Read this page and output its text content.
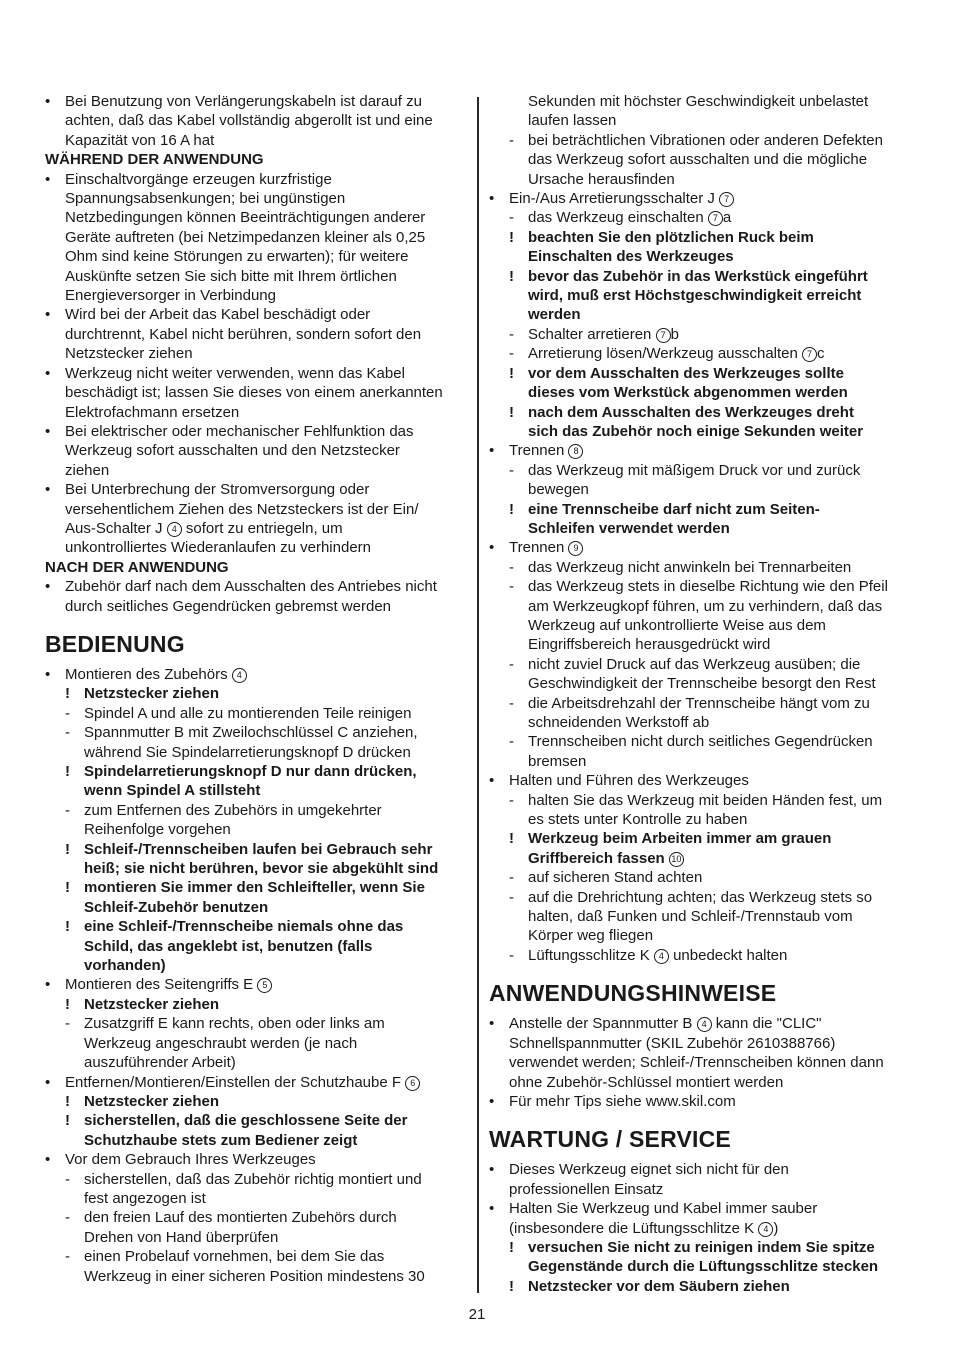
• Bei Benutzung von Verlängerungskabeln ist darauf zu
achten, daß das Kabel vollständig abgerollt ist und eine
Kapazität von 16 A hat
WÄHREND DER ANWENDUNG
• Einschaltvorgänge erzeugen kurzfristige
Spannungsabsenkungen; bei ungünstigen
Netzbedingungen können Beeinträchtigungen anderer
Geräte auftreten (bei Netzimpedanzen kleiner als 0,25
Ohm sind keine Störungen zu erwarten); für weitere
Auskünfte setzen Sie sich bitte mit Ihrem örtlichen
Energieversorger in Verbindung
• Wird bei der Arbeit das Kabel beschädigt oder
durchtrennt, Kabel nicht berühren, sondern sofort den
Netzstecker ziehen
• Werkzeug nicht weiter verwenden, wenn das Kabel
beschädigt ist; lassen Sie dieses von einem anerkannten
Elektrofachmann ersetzen
• Bei elektrischer oder mechanischer Fehlfunktion das
Werkzeug sofort ausschalten und den Netzstecker
ziehen
• Bei Unterbrechung der Stromversorgung oder
versehentlichem Ziehen des Netzsteckers ist der Ein/
Aus-Schalter J 4 sofort zu entriegeln, um
unkontrolliertes Wiederanlaufen zu verhindern
NACH DER ANWENDUNG
• Zubehör darf nach dem Ausschalten des Antriebes nicht
durch seitliches Gegendrücken gebremst werden
BEDIENUNG
• Montieren des Zubehörs 4
! Netzstecker ziehen
- Spindel A und alle zu montierenden Teile reinigen
- Spannmutter B mit Zweilochschlüssel C anziehen,
während Sie Spindelarretierungsknopf D drücken
! Spindelarretierungsknopf D nur dann drücken,
wenn Spindel A stillsteht
- zum Entfernen des Zubehörs in umgekehrter
Reihenfolge vorgehen
! Schleif-/Trennscheiben laufen bei Gebrauch sehr
heiß; sie nicht berühren, bevor sie abgekühlt sind
! montieren Sie immer den Schleifteller, wenn Sie
Schleif-Zubehör benutzen
! eine Schleif-/Trennscheibe niemals ohne das
Schild, das angeklebt ist, benutzen (falls
vorhanden)
• Montieren des Seitengriffs E 5
! Netzstecker ziehen
- Zusatzgriff E kann rechts, oben oder links am
Werkzeug angeschraubt werden (je nach
auszuführender Arbeit)
• Entfernen/Montieren/Einstellen der Schutzhaube F 6
! Netzstecker ziehen
! sicherstellen, daß die geschlossene Seite der
Schutzhaube stets zum Bediener zeigt
• Vor dem Gebrauch Ihres Werkzeuges
- sicherstellen, daß das Zubehör richtig montiert und
fest angezogen ist
- den freien Lauf des montierten Zubehörs durch
Drehen von Hand überprüfen
- einen Probelauf vornehmen, bei dem Sie das
Werkzeug in einer sicheren Position mindestens 30
Sekunden mit höchster Geschwindigkeit unbelastet
laufen lassen
- bei beträchtlichen Vibrationen oder anderen Defekten
das Werkzeug sofort ausschalten und die mögliche
Ursache herausfinden
• Ein-/Aus Arretierungsschalter J 7
- das Werkzeug einschalten 7 a
! beachten Sie den plötzlichen Ruck beim
Einschalten des Werkzeuges
! bevor das Zubehör in das Werkstück eingeführt
wird, muß erst Höchstgeschwindigkeit erreicht
werden
- Schalter arretieren 7 b
- Arretierung lösen/Werkzeug ausschalten 7 c
! vor dem Ausschalten des Werkzeuges sollte
dieses vom Werkstück abgenommen werden
! nach dem Ausschalten des Werkzeuges dreht
sich das Zubehör noch einige Sekunden weiter
• Trennen 8
- das Werkzeug mit mäßigem Druck vor und zurück
bewegen
! eine Trennscheibe darf nicht zum Seiten-
Schleifen verwendet werden
• Trennen 9
- das Werkzeug nicht anwinkeln bei Trennarbeiten
- das Werkzeug stets in dieselbe Richtung wie den Pfeil
am Werkzeugkopf führen, um zu verhindern, daß das
Werkzeug auf unkontrollierte Weise aus dem
Eingriffsbereich herausgedrückt wird
- nicht zuviel Druck auf das Werkzeug ausüben; die
Geschwindigkeit der Trennscheibe besorgt den Rest
- die Arbeitsdrehzahl der Trennscheibe hängt vom zu
schneidenden Werkstoff ab
- Trennscheiben nicht durch seitliches Gegendrücken
bremsen
• Halten und Führen des Werkzeuges
- halten Sie das Werkzeug mit beiden Händen fest, um
es stets unter Kontrolle zu haben
! Werkzeug beim Arbeiten immer am grauen
Griffbereich fassen 10
- auf sicheren Stand achten
- auf die Drehrichtung achten; das Werkzeug stets so
halten, daß Funken und Schleif-/Trennstaub vom
Körper weg fliegen
- Lüftungsschlitze K 4 unbedeckt halten
ANWENDUNGSHINWEISE
• Anstelle der Spannmutter B 4 kann die "CLIC"
Schnellspannmutter (SKIL Zubehör 2610388766)
verwendet werden; Schleif-/Trennscheiben können dann
ohne Zubehör-Schlüssel montiert werden
• Für mehr Tips siehe www.skil.com
WARTUNG / SERVICE
• Dieses Werkzeug eignet sich nicht für den
professionellen Einsatz
• Halten Sie Werkzeug und Kabel immer sauber
(insbesondere die Lüftungsschlitze K 4 )
! versuchen Sie nicht zu reinigen indem Sie spitze
Gegenstände durch die Lüftungsschlitze stecken
! Netzstecker vor dem Säubern ziehen
21
